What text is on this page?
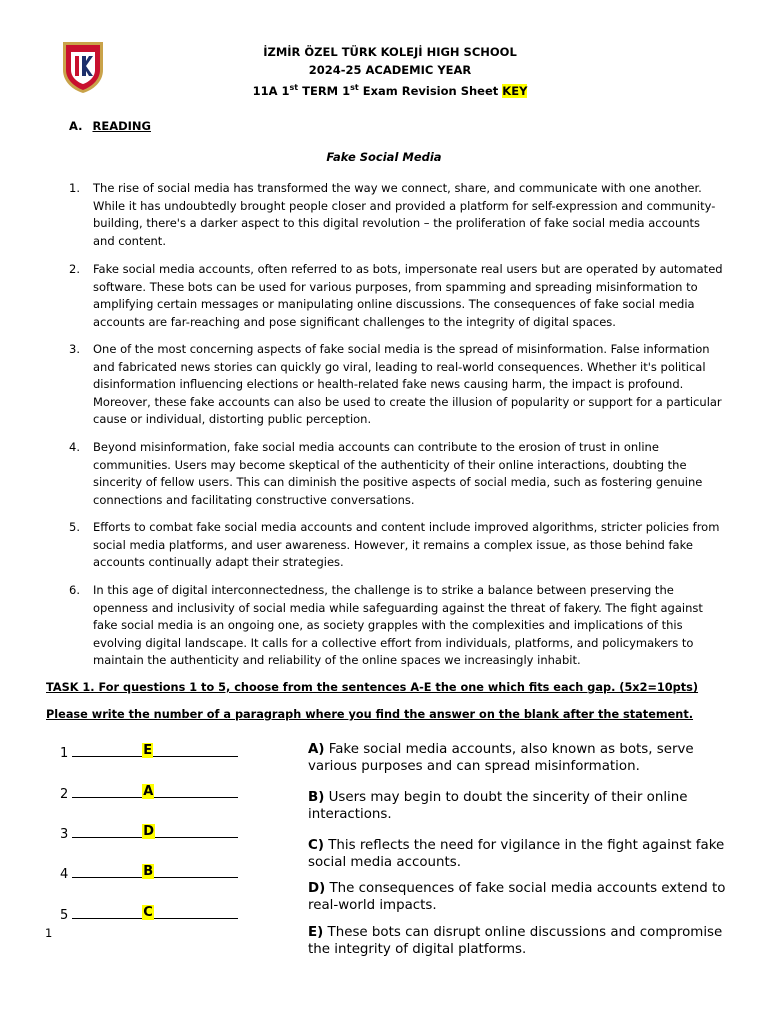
İZMİR ÖZEL TÜRK KOLEJİ HIGH SCHOOL
2024-25 ACADEMIC YEAR
11A 1st TERM 1st Exam Revision Sheet KEY
A. READING
Fake Social Media
1. The rise of social media has transformed the way we connect, share, and communicate with one another. While it has undoubtedly brought people closer and provided a platform for self-expression and community-building, there's a darker aspect to this digital revolution – the proliferation of fake social media accounts and content.
2. Fake social media accounts, often referred to as bots, impersonate real users but are operated by automated software. These bots can be used for various purposes, from spamming and spreading misinformation to amplifying certain messages or manipulating online discussions. The consequences of fake social media accounts are far-reaching and pose significant challenges to the integrity of digital spaces.
3. One of the most concerning aspects of fake social media is the spread of misinformation. False information and fabricated news stories can quickly go viral, leading to real-world consequences. Whether it's political disinformation influencing elections or health-related fake news causing harm, the impact is profound. Moreover, these fake accounts can also be used to create the illusion of popularity or support for a particular cause or individual, distorting public perception.
4. Beyond misinformation, fake social media accounts can contribute to the erosion of trust in online communities. Users may become skeptical of the authenticity of their online interactions, doubting the sincerity of fellow users. This can diminish the positive aspects of social media, such as fostering genuine connections and facilitating constructive conversations.
5. Efforts to combat fake social media accounts and content include improved algorithms, stricter policies from social media platforms, and user awareness. However, it remains a complex issue, as those behind fake accounts continually adapt their strategies.
6. In this age of digital interconnectedness, the challenge is to strike a balance between preserving the openness and inclusivity of social media while safeguarding against the threat of fakery. The fight against fake social media is an ongoing one, as society grapples with the complexities and implications of this evolving digital landscape. It calls for a collective effort from individuals, platforms, and policymakers to maintain the authenticity and reliability of the online spaces we increasingly inhabit.
TASK 1. For questions 1 to 5, choose from the sentences A-E the one which fits each gap. (5x2=10pts)
Please write the number of a paragraph where you find the answer on the blank after the statement.
1	E
2	A
3	D
4	B
5	C
A) Fake social media accounts, also known as bots, serve various purposes and can spread misinformation.
B) Users may begin to doubt the sincerity of their online interactions.
C) This reflects the need for vigilance in the fight against fake social media accounts.
D) The consequences of fake social media accounts extend to real-world impacts.
E) These bots can disrupt online discussions and compromise the integrity of digital platforms.
1
